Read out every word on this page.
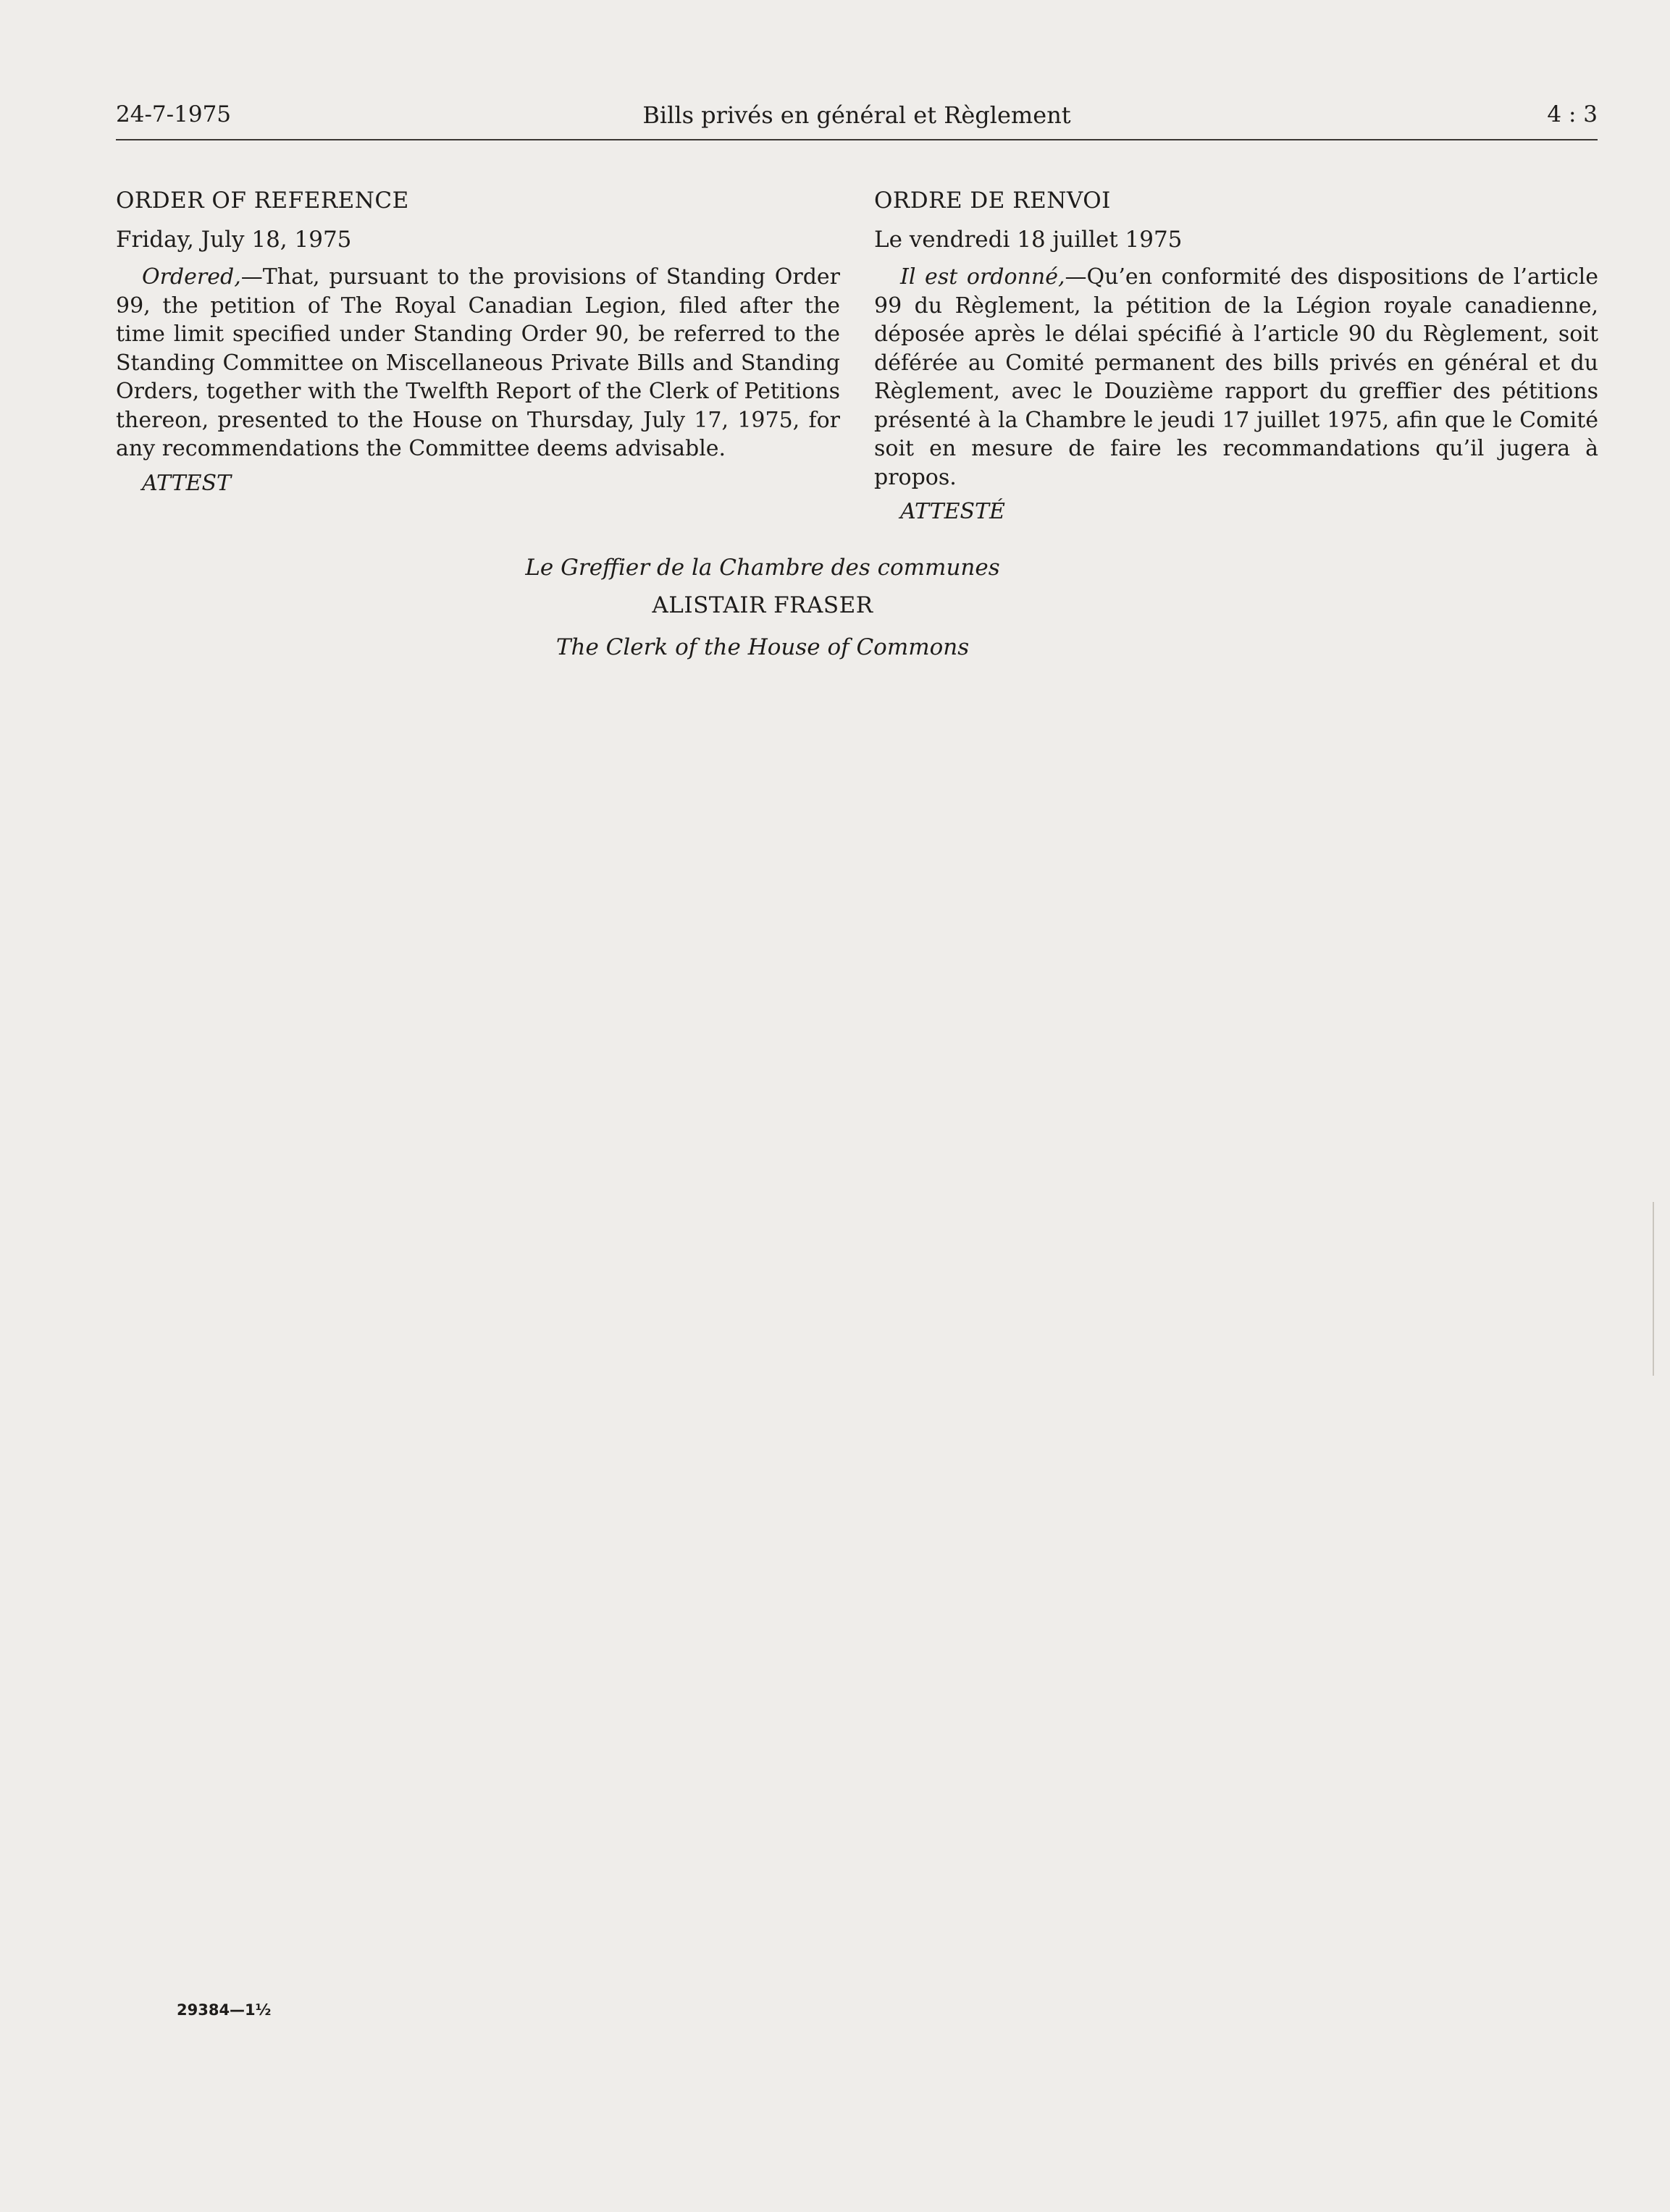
24-7-1975	Bills privés en général et Règlement	4 : 3
ORDER OF REFERENCE
Friday, July 18, 1975
Ordered,—That, pursuant to the provisions of Standing Order 99, the petition of The Royal Canadian Legion, filed after the time limit specified under Standing Order 90, be referred to the Standing Committee on Miscellaneous Private Bills and Standing Orders, together with the Twelfth Report of the Clerk of Petitions thereon, presented to the House on Thursday, July 17, 1975, for any recommendations the Committee deems advisable.
ATTEST
ORDRE DE RENVOI
Le vendredi 18 juillet 1975
Il est ordonné,—Qu’en conformité des dispositions de l’article 99 du Règlement, la pétition de la Légion royale canadienne, déposée après le délai spécifié à l’article 90 du Règlement, soit déférée au Comité permanent des bills privés en général et du Règlement, avec le Douzième rapport du greffier des pétitions présenté à la Chambre le jeudi 17 juillet 1975, afin que le Comité soit en mesure de faire les recommandations qu’il jugera à propos.
ATTESTÉ
Le Greffier de la Chambre des communes
ALISTAIR FRASER
The Clerk of the House of Commons
29384—1½
